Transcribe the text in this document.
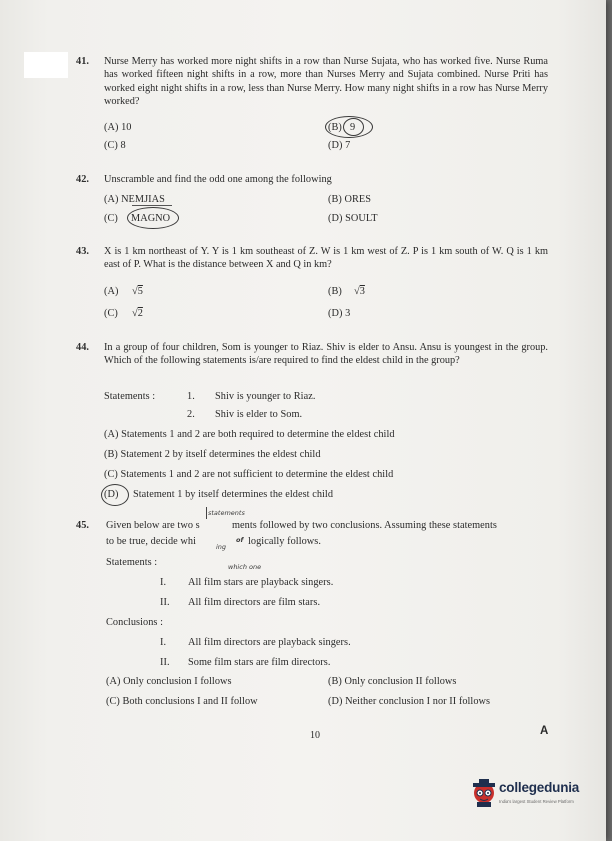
41. Nurse Merry has worked more night shifts in a row than Nurse Sujata, who has worked five. Nurse Ruma has worked fifteen night shifts in a row, more than Nurses Merry and Sujata combined. Nurse Priti has worked eight night shifts in a row, less than Nurse Merry. How many night shifts in a row has Nurse Merry worked?
(A) 10	(B) 9
(C) 8	(D) 7
42. Unscramble and find the odd one among the following
(A) NEMJIAS	(B) ORES
(C) MAGNO	(D) SOULT
43. X is 1 km northeast of Y. Y is 1 km southeast of Z. W is 1 km west of Z. P is 1 km south of W. Q is 1 km east of P. What is the distance between X and Q in km?
(A) √5	(B) √3
(C) √2	(D) 3
44. In a group of four children, Som is younger to Riaz. Shiv is elder to Ansu. Ansu is youngest in the group. Which of the following statements is/are required to find the eldest child in the group?
Statements :	1. Shiv is younger to Riaz.
2. Shiv is elder to Som.
(A) Statements 1 and 2 are both required to determine the eldest child
(B) Statement 2 by itself determines the eldest child
(C) Statements 1 and 2 are not sufficient to determine the eldest child
(D) Statement 1 by itself determines the eldest child
45. Given below are two s	ments followed by two conclusions. Assuming these statements
to be true, decide whi	logically follows.
statements
ing
of
which one
Statements :
I. All film stars are playback singers.
II. All film directors are film stars.
Conclusions :
I. All film directors are playback singers.
II. Some film stars are film directors.
(A) Only conclusion I follows	(B) Only conclusion II follows
(C) Both conclusions I and II follow	(D) Neither conclusion I nor II follows
10	A
collegedunia
India's largest Student Review Platform
